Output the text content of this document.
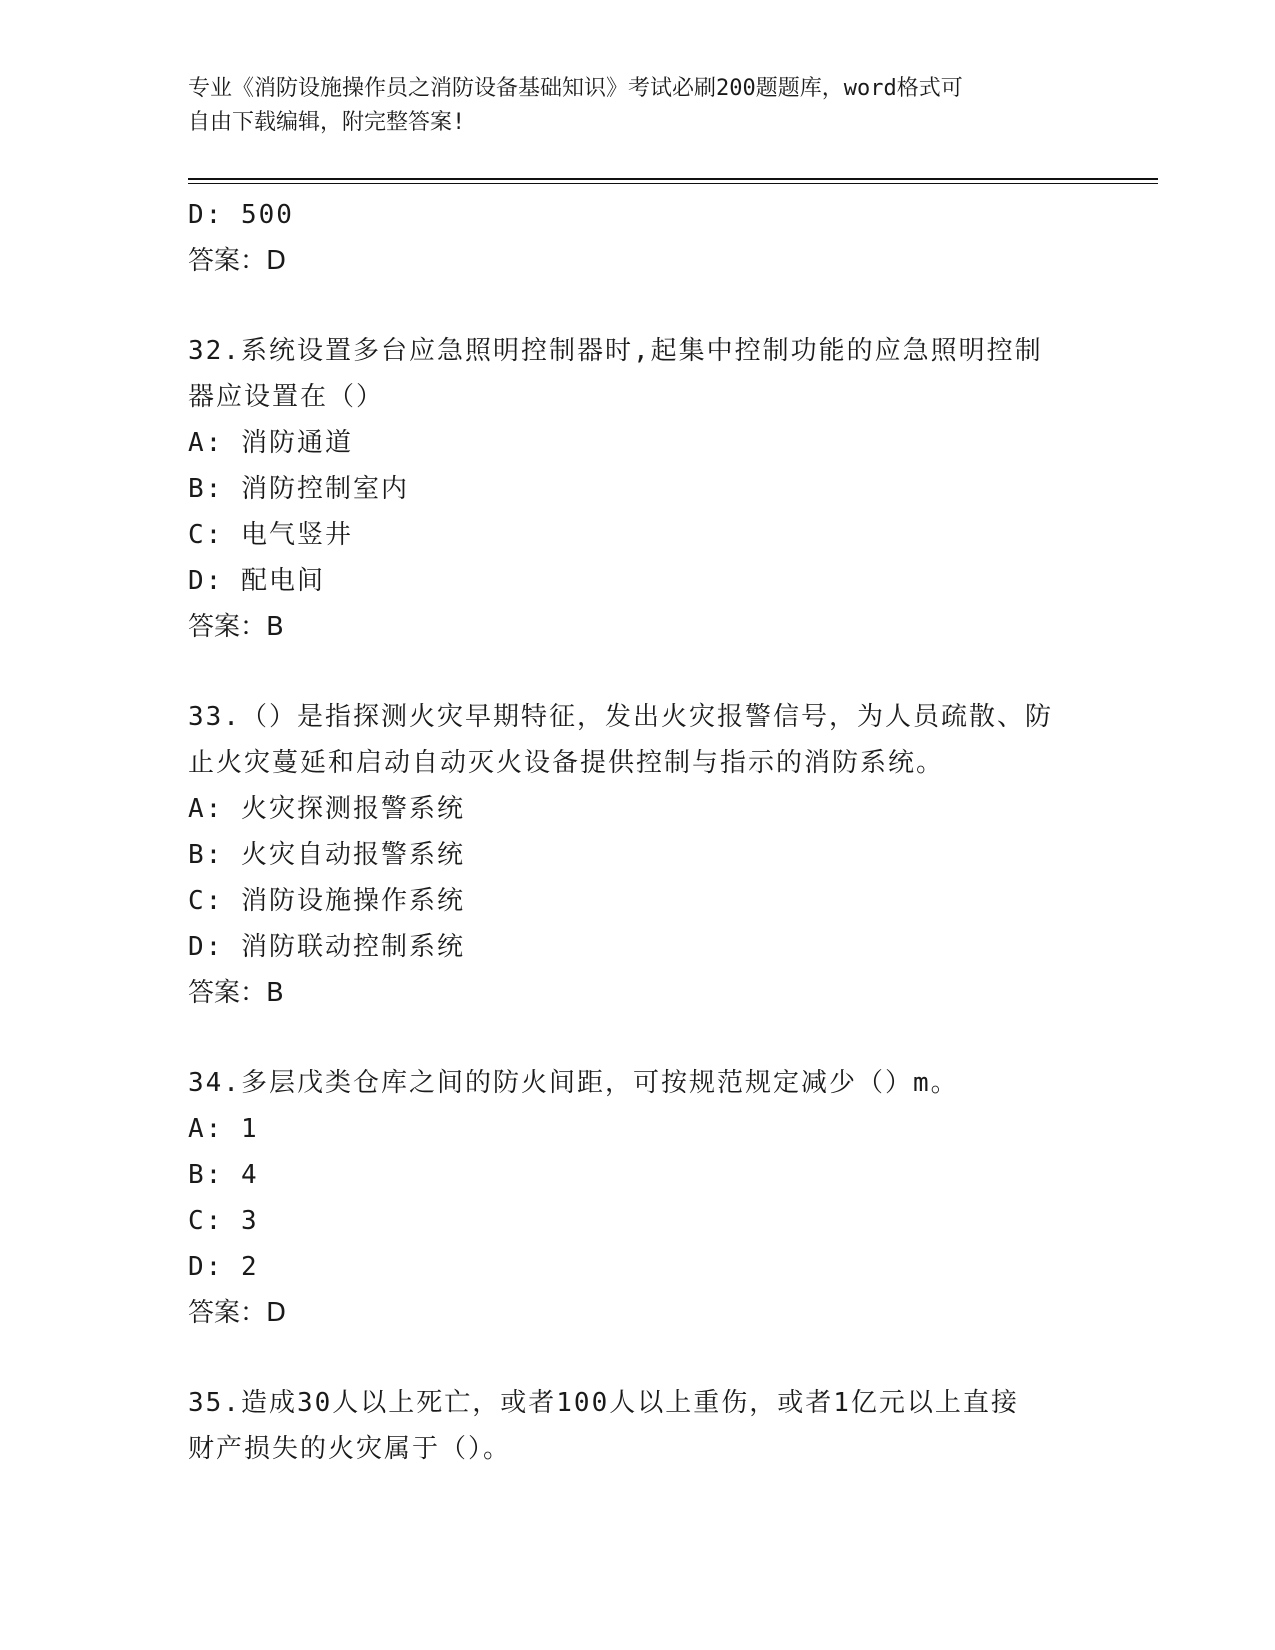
专业《消防设施操作员之消防设备基础知识》考试必刷200题题库，word格式可
自由下载编辑，附完整答案!
D: 500
答案：D
32.系统设置多台应急照明控制器时,起集中控制功能的应急照明控制
器应设置在（）
A: 消防通道
B: 消防控制室内
C: 电气竖井
D: 配电间
答案：B
33.（）是指探测火灾早期特征，发出火灾报警信号，为人员疏散、防
止火灾蔓延和启动自动灭火设备提供控制与指示的消防系统。
A: 火灾探测报警系统
B: 火灾自动报警系统
C: 消防设施操作系统
D: 消防联动控制系统
答案：B
34.多层戊类仓库之间的防火间距，可按规范规定减少（）m。
A: 1
B: 4
C: 3
D: 2
答案：D
35.造成30人以上死亡，或者100人以上重伤，或者1亿元以上直接
财产损失的火灾属于（）。
